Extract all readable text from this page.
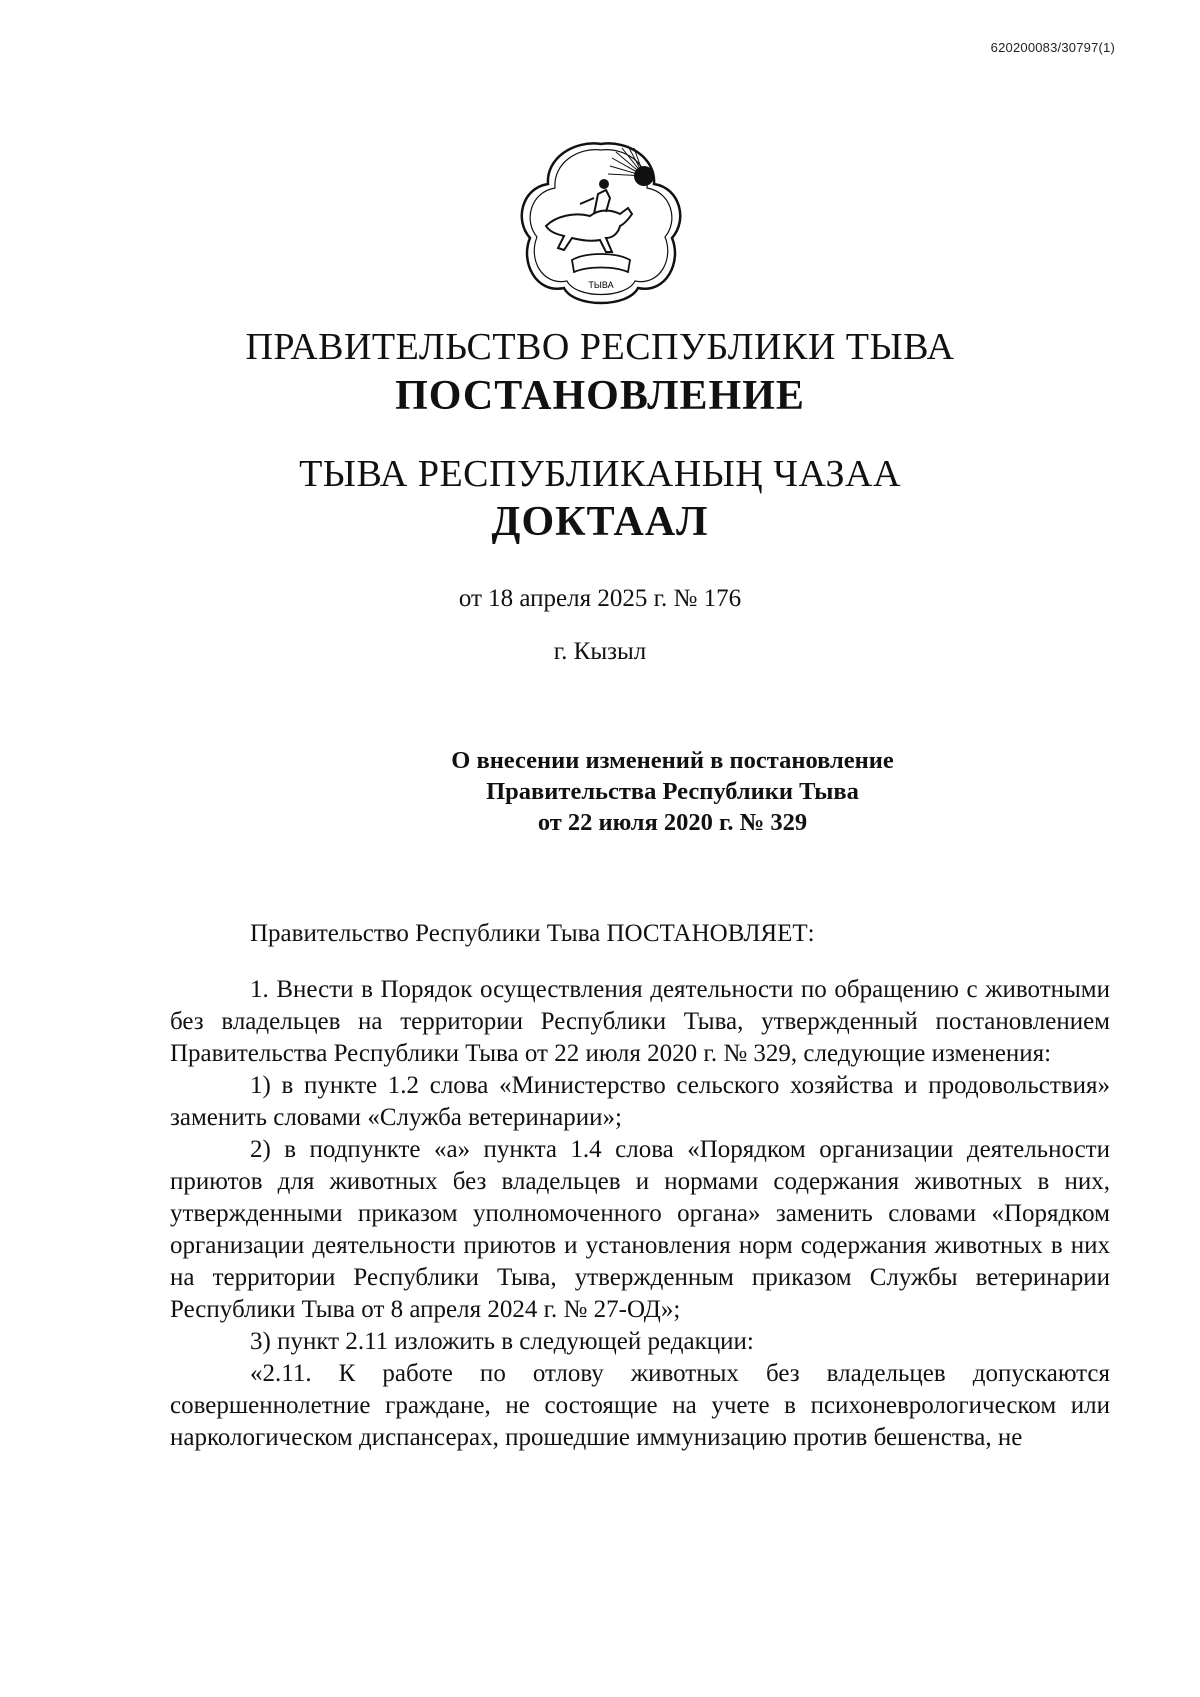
620200083/30797(1)
ТЫВА
ПРАВИТЕЛЬСТВО РЕСПУБЛИКИ ТЫВА
ПОСТАНОВЛЕНИЕ
ТЫВА РЕСПУБЛИКАНЫҢ ЧАЗАА
ДОКТААЛ
от 18 апреля 2025 г. № 176
г. Кызыл
О внесении изменений в постановление
Правительства Республики Тыва
от 22 июля 2020 г. № 329

Правительство Республики Тыва ПОСТАНОВЛЯЕТ:

1. Внести в Порядок осуществления деятельности по обращению с животными без владельцев на территории Республики Тыва, утвержденный постановлением Правительства Республики Тыва от 22 июля 2020 г. № 329, следующие изменения:

1) в пункте 1.2 слова «Министерство сельского хозяйства и продовольствия» заменить словами «Служба ветеринарии»;

2) в подпункте «а» пункта 1.4 слова «Порядком организации деятельности приютов для животных без владельцев и нормами содержания животных в них, утвержденными приказом уполномоченного органа» заменить словами «Порядком организации деятельности приютов и установления норм содержания животных в них на территории Республики Тыва, утвержденным приказом Службы ветеринарии Республики Тыва от 8 апреля 2024 г. № 27-ОД»;

3) пункт 2.11 изложить в следующей редакции:

«2.11. К работе по отлову животных без владельцев допускаются совершеннолетние граждане, не состоящие на учете в психоневрологическом или наркологическом диспансерах, прошедшие иммунизацию против бешенства, не
